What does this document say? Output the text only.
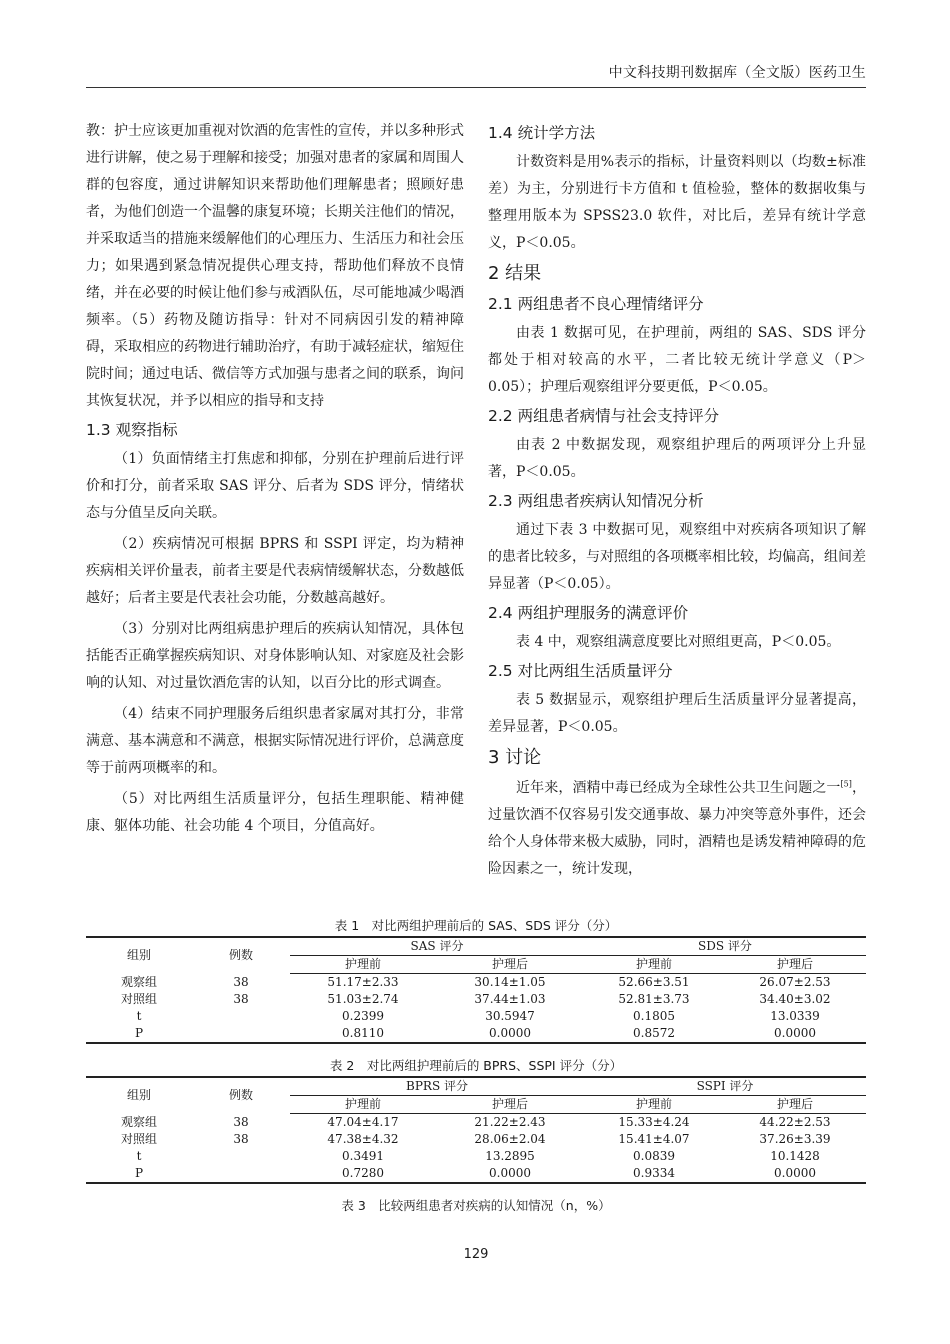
中文科技期刊数据库（全文版）医药卫生

教：护士应该更加重视对饮酒的危害性的宣传，并以多种形式进行讲解，使之易于理解和接受；加强对患者的家属和周围人群的包容度，通过讲解知识来帮助他们理解患者；照顾好患者，为他们创造一个温馨的康复环境；长期关注他们的情况，并采取适当的措施来缓解他们的心理压力、生活压力和社会压力；如果遇到紧急情况提供心理支持，帮助他们释放不良情绪，并在必要的时候让他们参与戒酒队伍，尽可能地减少喝酒频率。（5）药物及随访指导：针对不同病因引发的精神障碍，采取相应的药物进行辅助治疗，有助于减轻症状，缩短住院时间；通过电话、微信等方式加强与患者之间的联系，询问其恢复状况，并予以相应的指导和支持

1.3 观察指标

（1）负面情绪主打焦虑和抑郁，分别在护理前后进行评价和打分，前者采取 SAS 评分、后者为 SDS 评分，情绪状态与分值呈反向关联。

（2）疾病情况可根据 BPRS 和 SSPI 评定，均为精神疾病相关评价量表，前者主要是代表病情缓解状态，分数越低越好；后者主要是代表社会功能，分数越高越好。

（3）分别对比两组病患护理后的疾病认知情况，具体包括能否正确掌握疾病知识、对身体影响认知、对家庭及社会影响的认知、对过量饮酒危害的认知，以百分比的形式调查。

（4）结束不同护理服务后组织患者家属对其打分，非常满意、基本满意和不满意，根据实际情况进行评价，总满意度等于前两项概率的和。

（5）对比两组生活质量评分，包括生理职能、精神健康、躯体功能、社会功能 4 个项目，分值高好。

1.4 统计学方法

计数资料是用%表示的指标，计量资料则以（均数±标准差）为主，分别进行卡方值和 t 值检验，整体的数据收集与整理用版本为 SPSS23.0 软件，对比后，差异有统计学意义，P＜0.05。

2 结果
2.1 两组患者不良心理情绪评分

由表 1 数据可见，在护理前，两组的 SAS、SDS 评分都处于相对较高的水平，二者比较无统计学意义（P＞0.05）；护理后观察组评分要更低，P＜0.05。

2.2 两组患者病情与社会支持评分

由表 2 中数据发现，观察组护理后的两项评分上升显著，P＜0.05。

2.3 两组患者疾病认知情况分析

通过下表 3 中数据可见，观察组中对疾病各项知识了解的患者比较多，与对照组的各项概率相比较，均偏高，组间差异显著（P＜0.05）。

2.4 两组护理服务的满意评价

表 4 中，观察组满意度要比对照组更高，P＜0.05。

2.5 对比两组生活质量评分

表 5 数据显示，观察组护理后生活质量评分显著提高，差异显著，P＜0.05。

3 讨论

近年来，酒精中毒已经成为全球性公共卫生问题之一[5]，过量饮酒不仅容易引发交通事故、暴力冲突等意外事件，还会给个人身体带来极大威胁，同时，酒精也是诱发精神障碍的危险因素之一，统计发现，

表 1　对比两组护理前后的 SAS、SDS 评分（分）
组别	例数	SAS 评分		SDS 评分	
		护理前	护理后	护理前	护理后
观察组	38	51.17±2.33	30.14±1.05	52.66±3.51	26.07±2.53
对照组	38	51.03±2.74	37.44±1.03	52.81±3.73	34.40±3.02
t		0.2399	30.5947	0.1805	13.0339
P		0.8110	0.0000	0.8572	0.0000
表 2　对比两组护理前后的 BPRS、SSPI 评分（分）
组别	例数	BPRS 评分		SSPI 评分	
		护理前	护理后	护理前	护理后
观察组	38	47.04±4.17	21.22±2.43	15.33±4.24	44.22±2.53
对照组	38	47.38±4.32	28.06±2.04	15.41±4.07	37.26±3.39
t		0.3491	13.2895	0.0839	10.1428
P		0.7280	0.0000	0.9334	0.0000
表 3　比较两组患者对疾病的认知情况（n，%）
129
